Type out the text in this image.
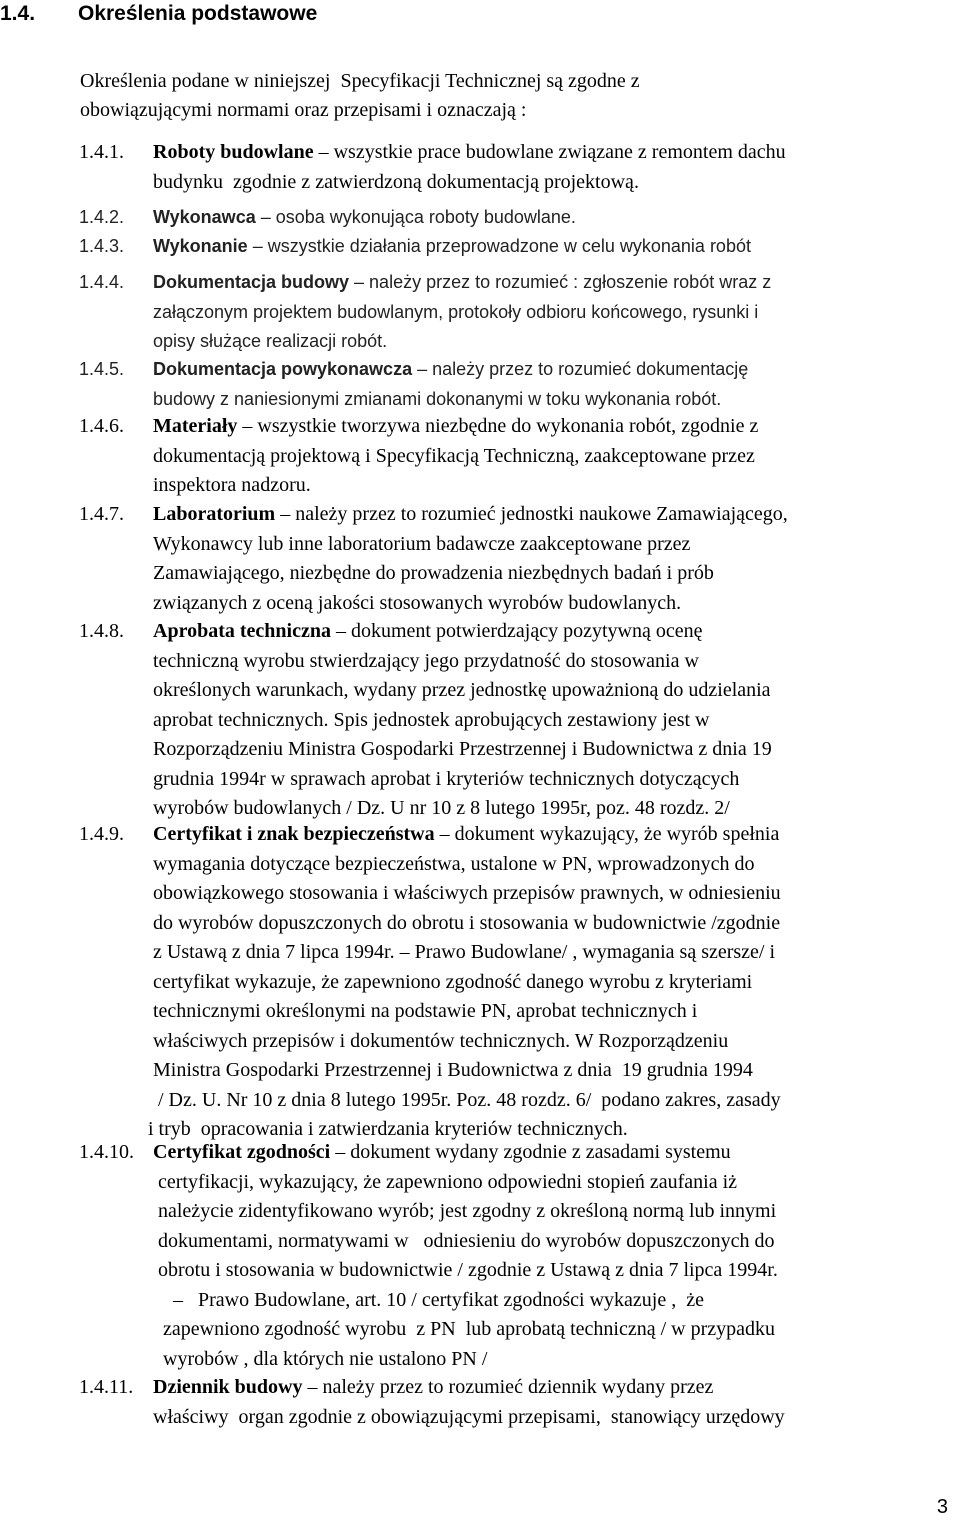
1.4. Określenia podstawowe
Określenia podane w niniejszej  Specyfikacji Technicznej są zgodne z
obowiązującymi normami oraz przepisami i oznaczają :
1.4.1. Roboty budowlane – wszystkie prace budowlane związane z remontem dachu
budynku  zgodnie z zatwierdzoną dokumentacją projektową.
1.4.2. Wykonawca – osoba wykonująca roboty budowlane.
1.4.3. Wykonanie – wszystkie działania przeprowadzone w celu wykonania robót
1.4.4. Dokumentacja budowy – należy przez to rozumieć : zgłoszenie robót wraz z
załączonym projektem budowlanym, protokoły odbioru końcowego, rysunki i
opisy służące realizacji robót.
1.4.5. Dokumentacja powykonawcza – należy przez to rozumieć dokumentację
budowy z naniesionymi zmianami dokonanymi w toku wykonania robót.
1.4.6. Materiały – wszystkie tworzywa niezbędne do wykonania robót, zgodnie z
dokumentacją projektową i Specyfikacją Techniczną, zaakceptowane przez
inspektora nadzoru.
1.4.7. Laboratorium – należy przez to rozumieć jednostki naukowe Zamawiającego,
Wykonawcy lub inne laboratorium badawcze zaakceptowane przez
Zamawiającego, niezbędne do prowadzenia niezbędnych badań i prób
związanych z oceną jakości stosowanych wyrobów budowlanych.
1.4.8. Aprobata techniczna – dokument potwierdzający pozytywną ocenę
techniczną wyrobu stwierdzający jego przydatność do stosowania w
określonych warunkach, wydany przez jednostkę upoważnioną do udzielania
aprobat technicznych. Spis jednostek aprobujących zestawiony jest w
Rozporządzeniu Ministra Gospodarki Przestrzennej i Budownictwa z dnia 19
grudnia 1994r w sprawach aprobat i kryteriów technicznych dotyczących
wyrobów budowlanych / Dz. U nr 10 z 8 lutego 1995r, poz. 48 rozdz. 2/
1.4.9. Certyfikat i znak bezpieczeństwa – dokument wykazujący, że wyrób spełnia
wymagania dotyczące bezpieczeństwa, ustalone w PN, wprowadzonych do
obowiązkowego stosowania i właściwych przepisów prawnych, w odniesieniu
do wyrobów dopuszczonych do obrotu i stosowania w budownictwie /zgodnie
z Ustawą z dnia 7 lipca 1994r. – Prawo Budowlane/ , wymagania są szersze/ i
certyfikat wykazuje, że zapewniono zgodność danego wyrobu z kryteriami
technicznymi określonymi na podstawie PN, aprobat technicznych i
właściwych przepisów i dokumentów technicznych. W Rozporządzeniu
Ministra Gospodarki Przestrzennej i Budownictwa z dnia  19 grudnia 1994
/ Dz. U. Nr 10 z dnia 8 lutego 1995r. Poz. 48 rozdz. 6/  podano zakres, zasady
i tryb  opracowania i zatwierdzania kryteriów technicznych.
1.4.10. Certyfikat zgodności – dokument wydany zgodnie z zasadami systemu
certyfikacji, wykazujący, że zapewniono odpowiedni stopień zaufania iż
należycie zidentyfikowano wyrób; jest zgodny z określoną normą lub innymi
dokumentami, normatywami w   odniesieniu do wyrobów dopuszczonych do
obrotu i stosowania w budownictwie / zgodnie z Ustawą z dnia 7 lipca 1994r.
–   Prawo Budowlane, art. 10 / certyfikat zgodności wykazuje ,  że
zapewniono zgodność wyrobu  z PN  lub aprobatą techniczną / w przypadku
wyrobów , dla których nie ustalono PN /
1.4.11. Dziennik budowy – należy przez to rozumieć dziennik wydany przez
właściwy  organ zgodnie z obowiązującymi przepisami,  stanowiący urzędowy
3
